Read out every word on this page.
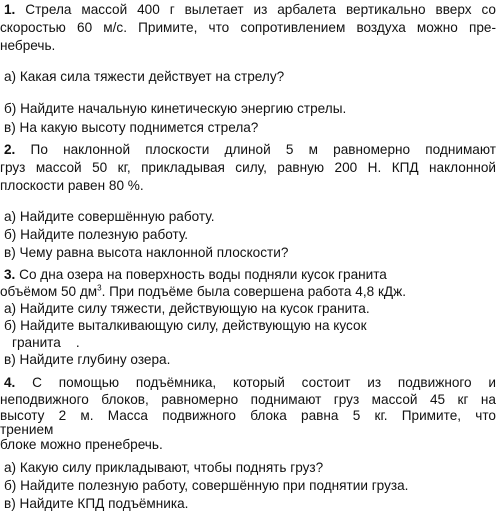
1. Стрела массой 400 г вылетает из арбалета вертикально вверх со
скоростью 60 м/с. Примите, что сопротивлением воздуха можно пре-
небречь.
а) Какая сила тяжести действует на стрелу?
б) Найдите начальную кинетическую энергию стрелы.
в) На какую высоту поднимется стрела?
2. По наклонной плоскости длиной 5 м равномерно поднимают
груз массой 50 кг, прикладывая силу, равную 200 Н. КПД наклонной
плоскости равен 80 %.
а) Найдите совершённую работу.
б) Найдите полезную работу.
в) Чему равна высота наклонной плоскости?
3. Со дна озера на поверхность воды подняли кусок гранита
объёмом 50 $дм^3$. При подъёме была совершена работа 4,8 кДж.
а) Найдите силу тяжести, действующую на кусок гранита.
б) Найдите выталкивающую силу, действующую на кусок
гранита    .
в) Найдите глубину озера.
4. С помощью подъёмника, который состоит из подвижного и
неподвижного блоков, равномерно поднимают груз массой 45 кг на
высоту 2 м. Масса подвижного блока равна 5 кг. Примите, что
трением
блоке можно пренебречь.
а) Какую силу прикладывают, чтобы поднять груз?
б) Найдите полезную работу, совершённую при поднятии груза.
в) Найдите КПД подъёмника.
